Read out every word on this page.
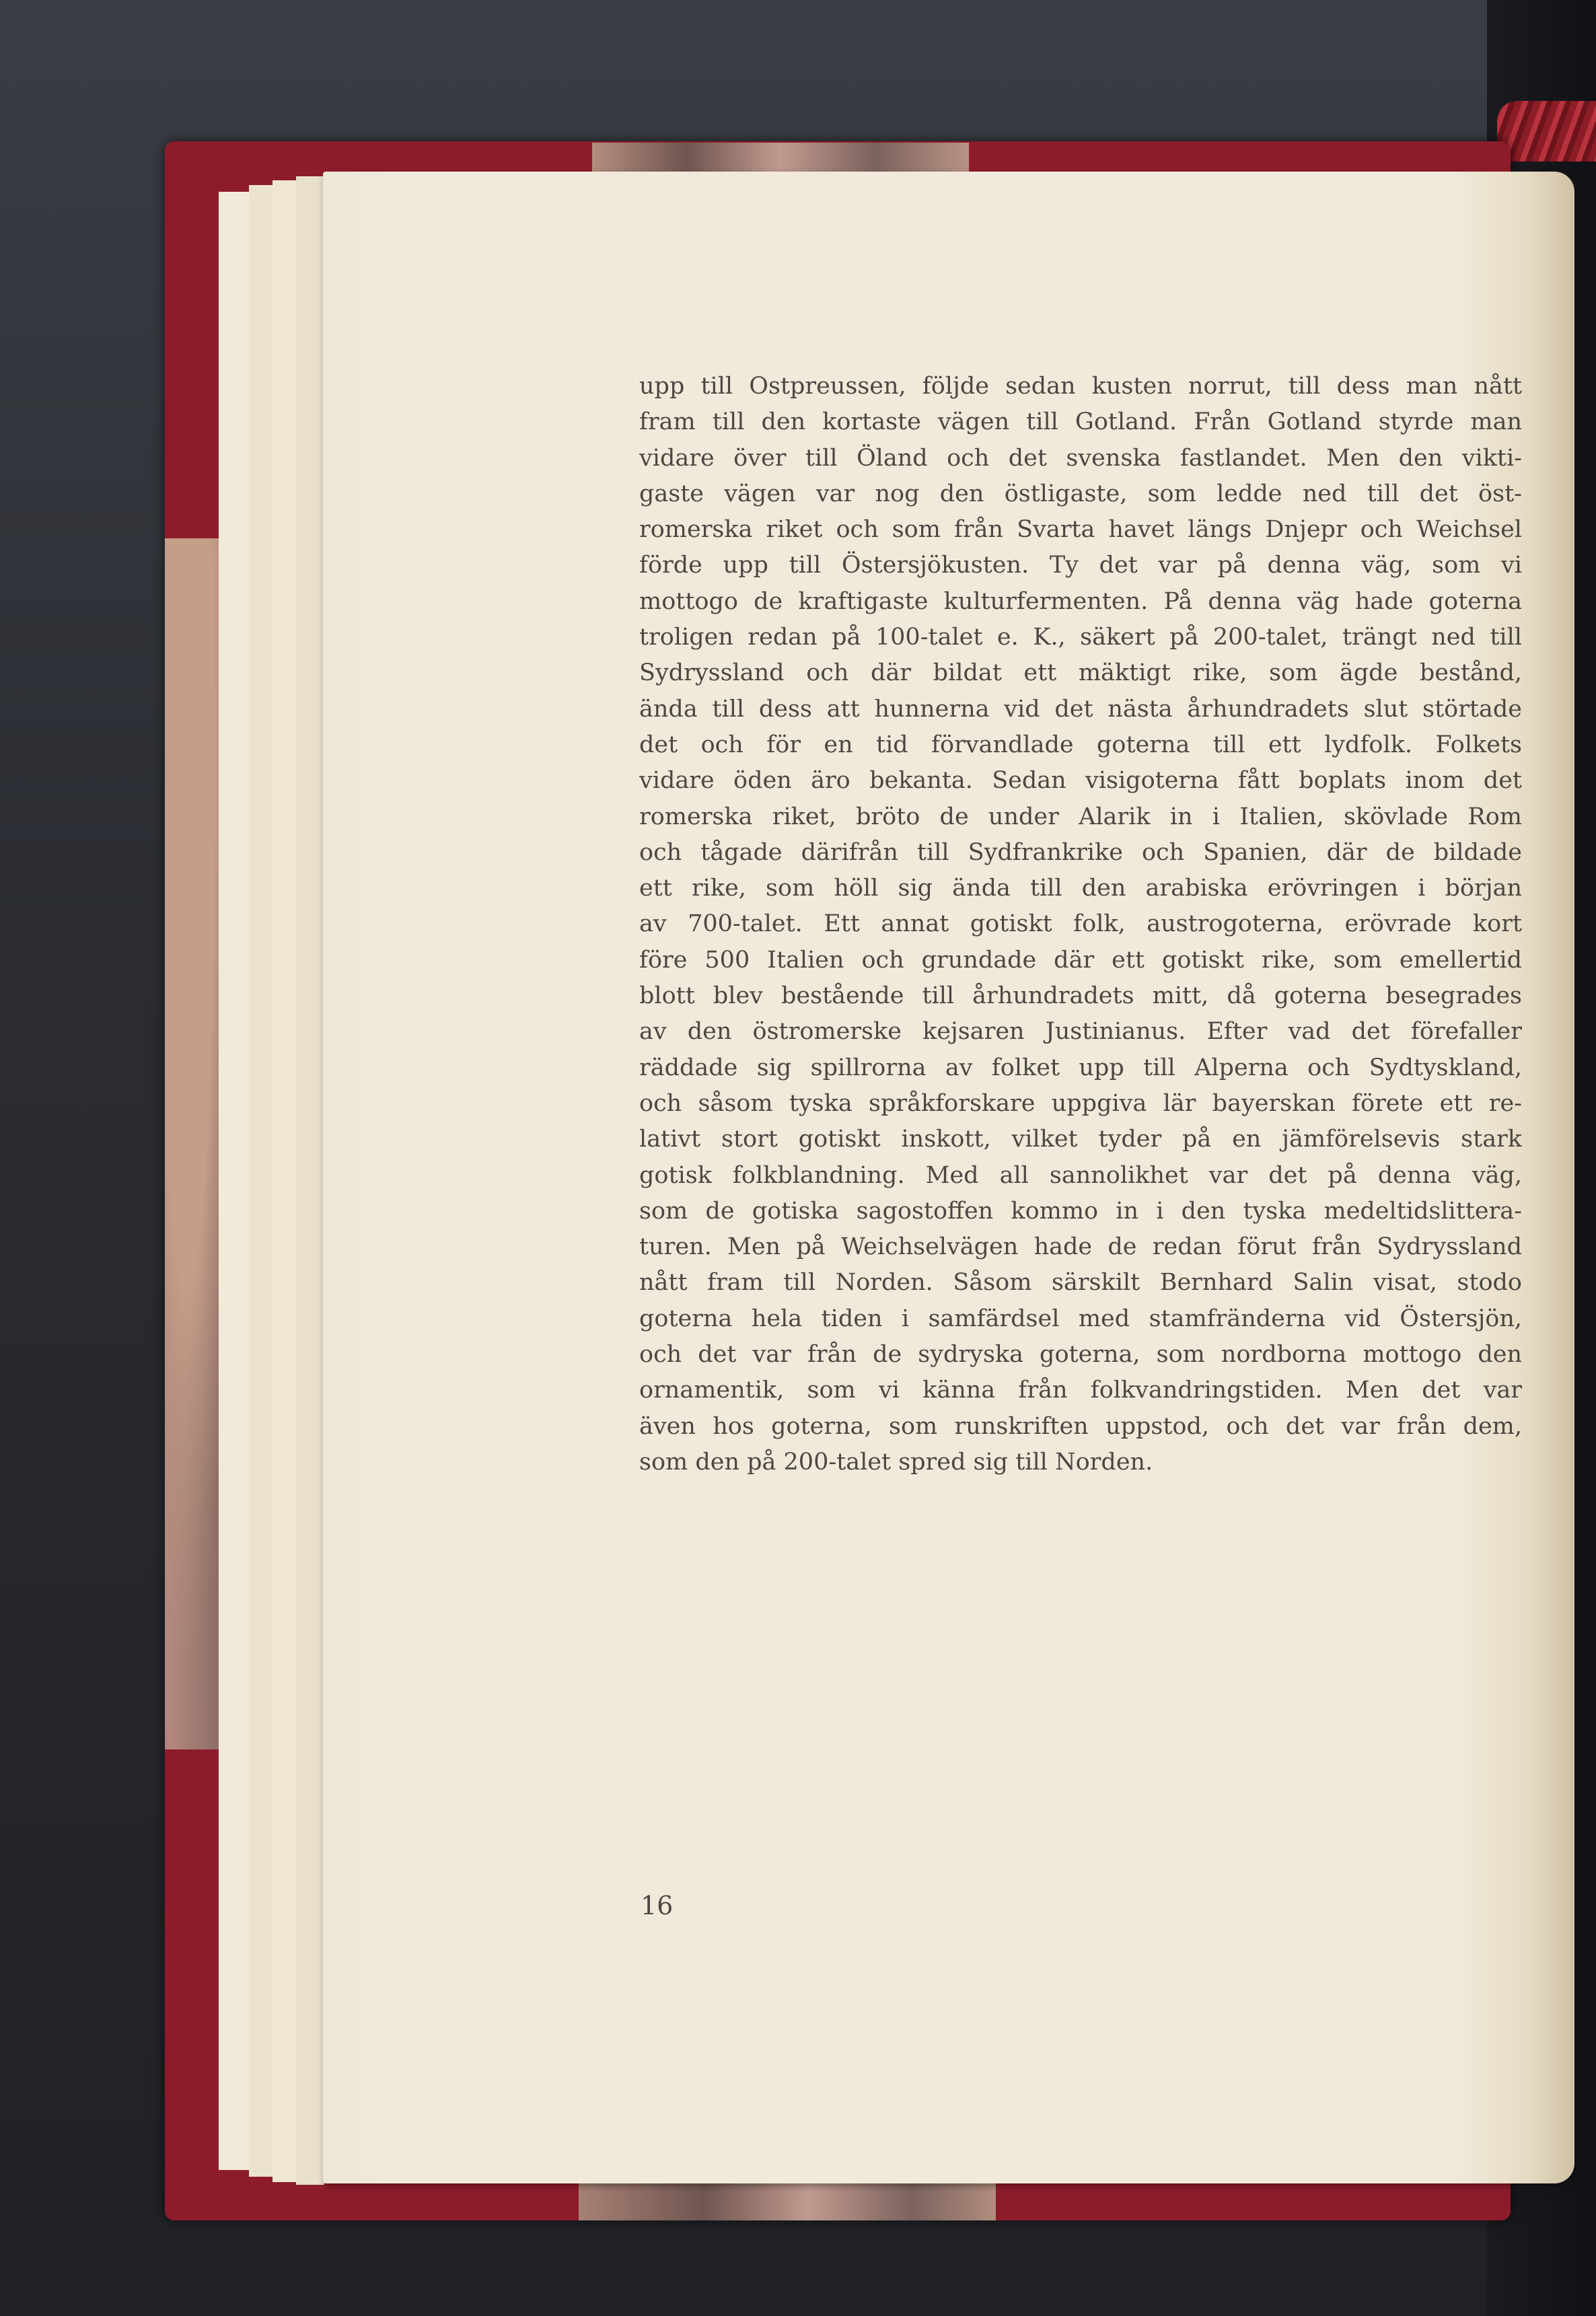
upp till Ostpreussen, följde sedan kusten norrut, till dess man nått
fram till den kortaste vägen till Gotland. Från Gotland styrde man
vidare över till Öland och det svenska fastlandet. Men den vikti-
gaste vägen var nog den östligaste, som ledde ned till det öst-
romerska riket och som från Svarta havet längs Dnjepr och Weichsel
förde upp till Östersjökusten. Ty det var på denna väg, som vi
mottogo de kraftigaste kulturfermenten. På denna väg hade goterna
troligen redan på 100-talet e. K., säkert på 200-talet, trängt ned till
Sydryssland och där bildat ett mäktigt rike, som ägde bestånd,
ända till dess att hunnerna vid det nästa århundradets slut störtade
det och för en tid förvandlade goterna till ett lydfolk. Folkets
vidare öden äro bekanta. Sedan visigoterna fått boplats inom det
romerska riket, bröto de under Alarik in i Italien, skövlade Rom
och tågade därifrån till Sydfrankrike och Spanien, där de bildade
ett rike, som höll sig ända till den arabiska erövringen i början
av 700-talet. Ett annat gotiskt folk, austrogoterna, erövrade kort
före 500 Italien och grundade där ett gotiskt rike, som emellertid
blott blev bestående till århundradets mitt, då goterna besegrades
av den östromerske kejsaren Justinianus. Efter vad det förefaller
räddade sig spillrorna av folket upp till Alperna och Sydtyskland,
och såsom tyska språkforskare uppgiva lär bayerskan förete ett re-
lativt stort gotiskt inskott, vilket tyder på en jämförelsevis stark
gotisk folkblandning. Med all sannolikhet var det på denna väg,
som de gotiska sagostoffen kommo in i den tyska medeltidslittera-
turen. Men på Weichselvägen hade de redan förut från Sydryssland
nått fram till Norden. Såsom särskilt Bernhard Salin visat, stodo
goterna hela tiden i samfärdsel med stamfränderna vid Östersjön,
och det var från de sydryska goterna, som nordborna mottogo den
ornamentik, som vi känna från folkvandringstiden. Men det var
även hos goterna, som runskriften uppstod, och det var från dem,
som den på 200-talet spred sig till Norden.
16
